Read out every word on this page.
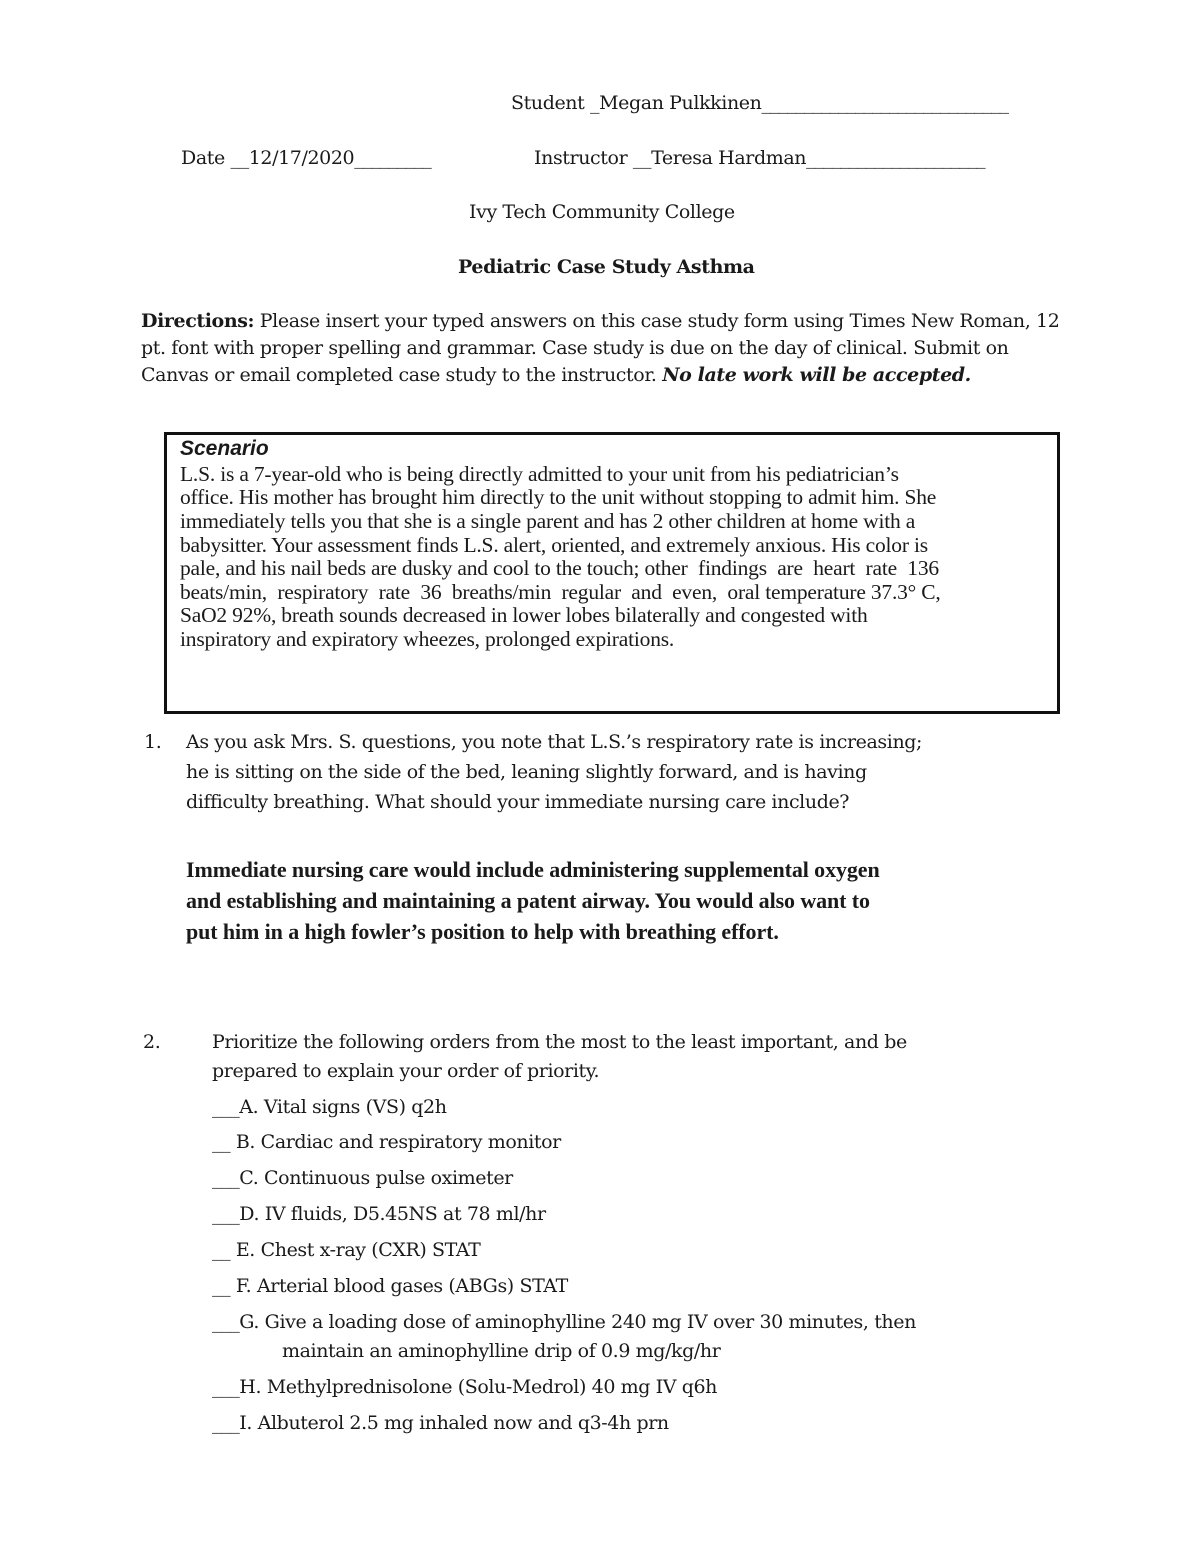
Student _Megan Pulkkinen_____________________________
Date __12/17/2020_________	Instructor __Teresa Hardman_____________________
Ivy Tech Community College
Pediatric Case Study Asthma
Directions: Please insert your typed answers on this case study form using Times New Roman, 12 pt. font with proper spelling and grammar. Case study is due on the day of clinical. Submit on Canvas or email completed case study to the instructor. No late work will be accepted.
Scenario
L.S. is a 7-year-old who is being directly admitted to your unit from his pediatrician’s
office. His mother has brought him directly to the unit without stopping to admit him. She
immediately tells you that she is a single parent and has 2 other children at home with a
babysitter. Your assessment finds L.S. alert, oriented, and extremely anxious. His color is
pale, and his nail beds are dusky and cool to the touch; other  findings  are  heart  rate  136
beats/min,  respiratory  rate  36  breaths/min  regular  and  even,  oral temperature 37.3° C,
SaO2 92%, breath sounds decreased in lower lobes bilaterally and congested with
inspiratory and expiratory wheezes, prolonged expirations.
1. As you ask Mrs. S. questions, you note that L.S.’s respiratory rate is increasing;
he is sitting on the side of the bed, leaning slightly forward, and is having
difficulty breathing. What should your immediate nursing care include?
Immediate nursing care would include administering supplemental oxygen
and establishing and maintaining a patent airway. You would also want to
put him in a high fowler’s position to help with breathing effort.
2.	Prioritize the following orders from the most to the least important, and be
prepared to explain your order of priority.
___A. Vital signs (VS) q2h
__ B. Cardiac and respiratory monitor
___C. Continuous pulse oximeter
___D. IV fluids, D5.45NS at 78 ml/hr
__ E. Chest x-ray (CXR) STAT
__ F. Arterial blood gases (ABGs) STAT
___G. Give a loading dose of aminophylline 240 mg IV over 30 minutes, then
maintain an aminophylline drip of 0.9 mg/kg/hr
___H. Methylprednisolone (Solu-Medrol) 40 mg IV q6h
___I. Albuterol 2.5 mg inhaled now and q3-4h prn
